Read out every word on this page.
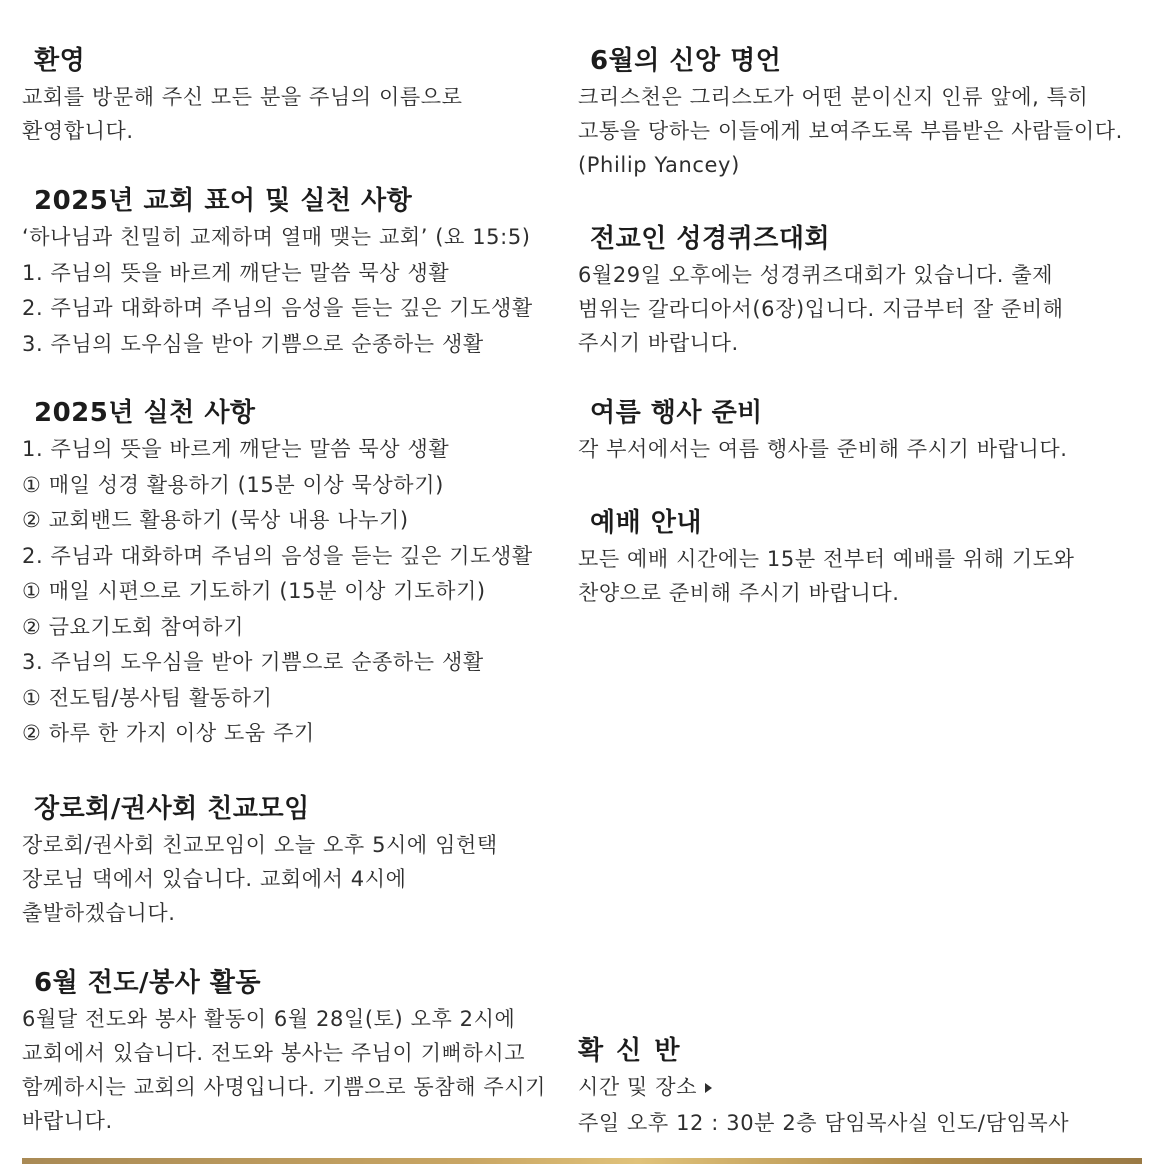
환영

교회를 방문해 주신 모든 분을 주님의 이름으로 환영합니다.

2025년 교회 표어 및 실천 사항
‘하나님과 친밀히 교제하며 열매 맺는 교회’ (요 15:5)
1. 주님의 뜻을 바르게 깨닫는 말씀 묵상 생활
2. 주님과 대화하며 주님의 음성을 듣는 깊은 기도생활
3. 주님의 도우심을 받아 기쁨으로 순종하는 생활
2025년 실천 사항
1. 주님의 뜻을 바르게 깨닫는 말씀 묵상 생활
① 매일 성경 활용하기 (15분 이상 묵상하기)
② 교회밴드 활용하기 (묵상 내용 나누기)
2. 주님과 대화하며 주님의 음성을 듣는 깊은 기도생활
① 매일 시편으로 기도하기 (15분 이상 기도하기)
② 금요기도회 참여하기
3. 주님의 도우심을 받아 기쁨으로 순종하는 생활
① 전도팀/봉사팀 활동하기
② 하루 한 가지 이상 도움 주기
장로회/권사회 친교모임

장로회/권사회 친교모임이 오늘 오후 5시에 임헌택 장로님 댁에서 있습니다. 교회에서 4시에 출발하겠습니다.

6월 전도/봉사 활동

6월달 전도와 봉사 활동이 6월 28일(토) 오후 2시에 교회에서 있습니다. 전도와 봉사는 주님이 기뻐하시고 함께하시는 교회의 사명입니다. 기쁨으로 동참해 주시기 바랍니다.

6월의 신앙 명언

크리스천은 그리스도가 어떤 분이신지 인류 앞에, 특히 고통을 당하는 이들에게 보여주도록 부름받은 사람들이다. (Philip Yancey)

전교인 성경퀴즈대회

6월29일 오후에는 성경퀴즈대회가 있습니다. 출제 범위는 갈라디아서(6장)입니다. 지금부터 잘 준비해 주시기 바랍니다.

여름 행사 준비

각 부서에서는 여름 행사를 준비해 주시기 바랍니다.

예배 안내

모든 예배 시간에는 15분 전부터 예배를 위해 기도와 찬양으로 준비해 주시기 바랍니다.

확 신 반
시간 및 장소
주일 오후 12 : 30분 2층 담임목사실 인도/담임목사
